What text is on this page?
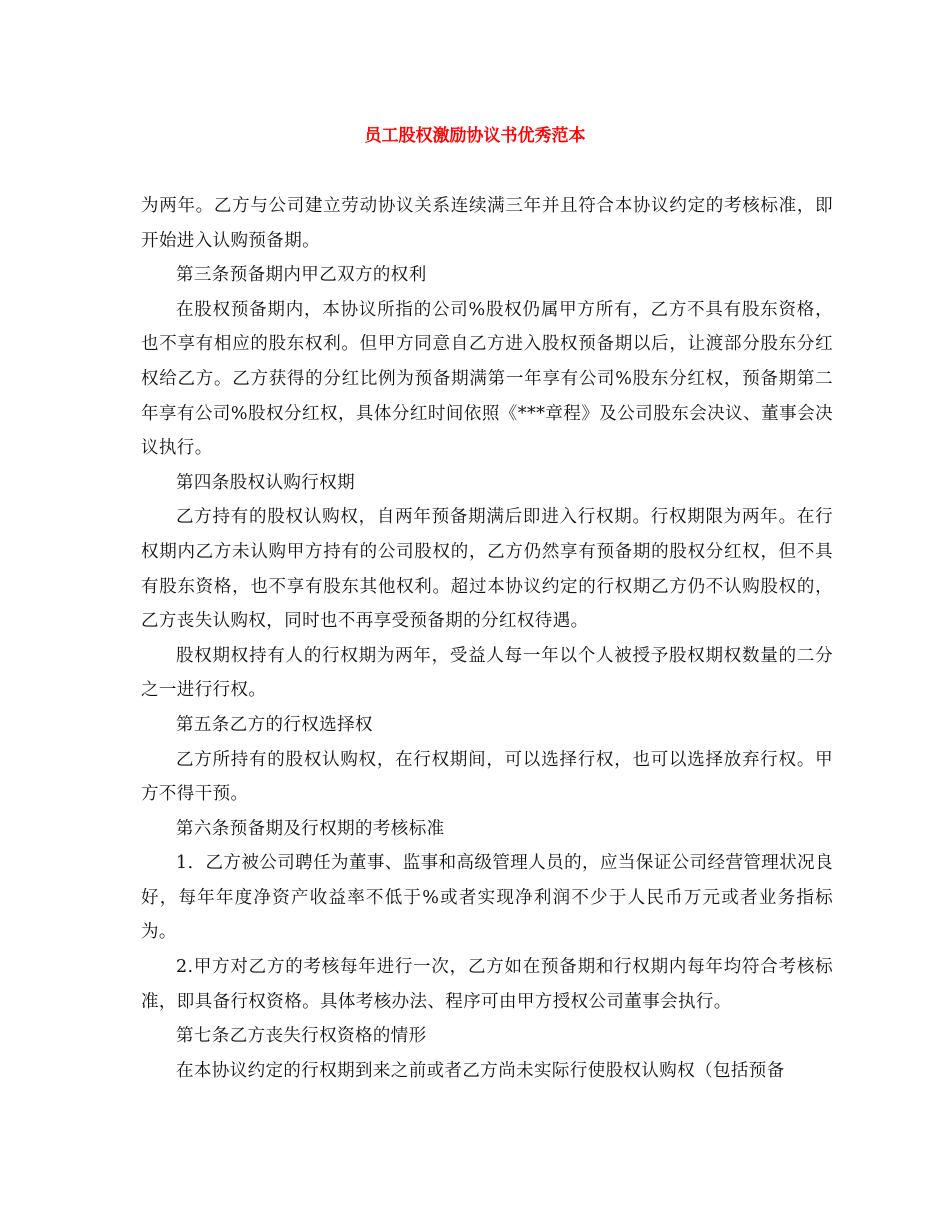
员工股权激励协议书优秀范本

为两年。乙方与公司建立劳动协议关系连续满三年并且符合本协议约定的考核标准，即开始进入认购预备期。

第三条预备期内甲乙双方的权利

在股权预备期内，本协议所指的公司%股权仍属甲方所有，乙方不具有股东资格，也不享有相应的股东权利。但甲方同意自乙方进入股权预备期以后，让渡部分股东分红权给乙方。乙方获得的分红比例为预备期满第一年享有公司%股东分红权，预备期第二年享有公司%股权分红权，具体分红时间依照《***章程》及公司股东会决议、董事会决议执行。

第四条股权认购行权期

乙方持有的股权认购权，自两年预备期满后即进入行权期。行权期限为两年。在行权期内乙方未认购甲方持有的公司股权的，乙方仍然享有预备期的股权分红权，但不具有股东资格，也不享有股东其他权利。超过本协议约定的行权期乙方仍不认购股权的，乙方丧失认购权，同时也不再享受预备期的分红权待遇。

股权期权持有人的行权期为两年，受益人每一年以个人被授予股权期权数量的二分之一进行行权。

第五条乙方的行权选择权

乙方所持有的股权认购权，在行权期间，可以选择行权，也可以选择放弃行权。甲方不得干预。

第六条预备期及行权期的考核标准

1．乙方被公司聘任为董事、监事和高级管理人员的，应当保证公司经营管理状况良好，每年年度净资产收益率不低于%或者实现净利润不少于人民币万元或者业务指标为。

2.甲方对乙方的考核每年进行一次，乙方如在预备期和行权期内每年均符合考核标准，即具备行权资格。具体考核办法、程序可由甲方授权公司董事会执行。

第七条乙方丧失行权资格的情形

在本协议约定的行权期到来之前或者乙方尚未实际行使股权认购权（包括预备
